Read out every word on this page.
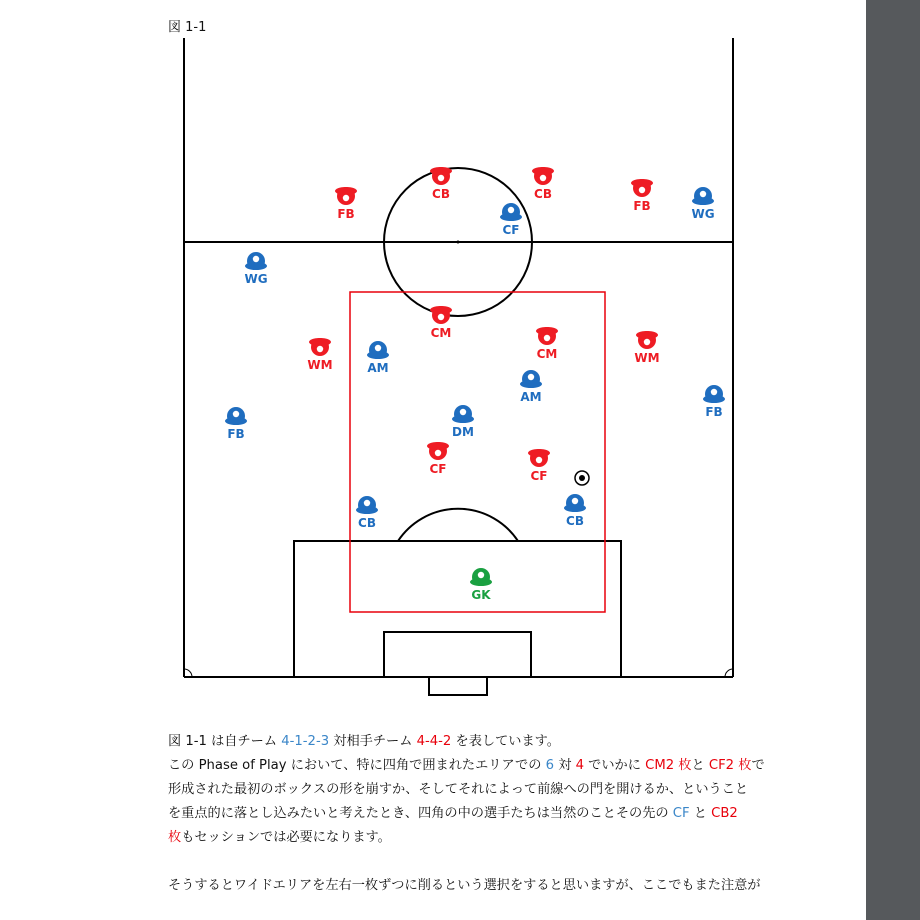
図 1-1
CB	CB
FB
FB
CF
WG
WG
CM
CM
WM	WM
AM
AM
FB
FB
DM
CF	CF
CB	CB
GK
図 1-1 は自チーム 4-1-2-3 対相手チーム 4-4-2 を表しています。
この Phase of Play において、特に四角で囲まれたエリアでの 6 対 4 でいかに CM2 枚と CF2 枚で
形成された最初のボックスの形を崩すか、そしてそれによって前線への門を開けるか、ということ
を重点的に落とし込みたいと考えたとき、四角の中の選手たちは当然のことその先の CF と CB2
枚もセッションでは必要になります。
そうするとワイドエリアを左右一枚ずつに削るという選択をすると思いますが、ここでもまた注意が
